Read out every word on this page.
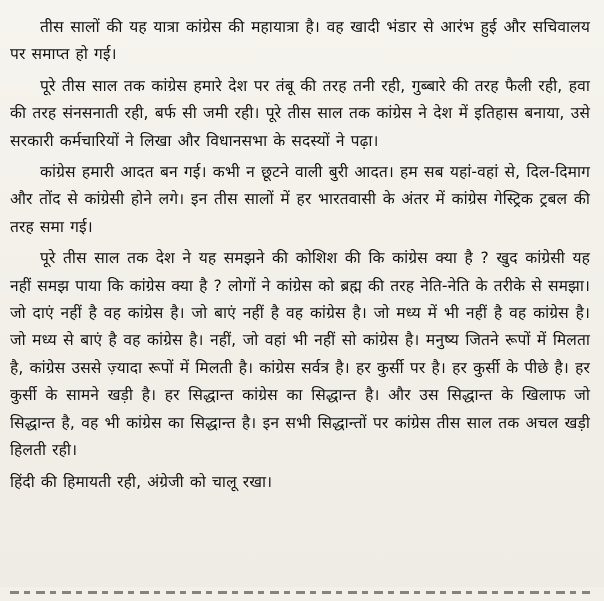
तीस सालों की यह यात्रा कांग्रेस की महायात्रा है। वह खादी भंडार से आरंभ हुई और सचिवालय पर समाप्त हो गई।

पूरे तीस साल तक कांग्रेस हमारे देश पर तंबू की तरह तनी रही, गुब्बारे की तरह फैली रही, हवा की तरह संनसनाती रही, बर्फ सी जमी रही। पूरे तीस साल तक कांग्रेस ने देश में इतिहास बनाया, उसे सरकारी कर्मचारियों ने लिखा और विधानसभा के सदस्यों ने पढ़ा।

कांग्रेस हमारी आदत बन गई। कभी न छूटने वाली बुरी आदत। हम सब यहां-वहां से, दिल-दिमाग और तोंद से कांग्रेसी होने लगे। इन तीस सालों में हर भारतवासी के अंतर में कांग्रेस गेस्ट्रिक ट्रबल की तरह समा गई।

पूरे तीस साल तक देश ने यह समझने की कोशिश की कि कांग्रेस क्या है ? खुद कांग्रेसी यह नहीं समझ पाया कि कांग्रेस क्या है ? लोगों ने कांग्रेस को ब्रह्म की तरह नेति-नेति के तरीके से समझा। जो दाएं नहीं है वह कांग्रेस है। जो बाएं नहीं है वह कांग्रेस है। जो मध्य में भी नहीं है वह कांग्रेस है। जो मध्य से बाएं है वह कांग्रेस है। नहीं, जो वहां भी नहीं सो कांग्रेस है। मनुष्य जितने रूपों में मिलता है, कांग्रेस उससे ज़्यादा रूपों में मिलती है। कांग्रेस सर्वत्र है। हर कुर्सी पर है। हर कुर्सी के पीछे है। हर कुर्सी के सामने खड़ी है। हर सिद्धान्त कांग्रेस का सिद्धान्त है। और उस सिद्धान्त के खिलाफ जो सिद्धान्त है, वह भी कांग्रेस का सिद्धान्त है। इन सभी सिद्धान्तों पर कांग्रेस तीस साल तक अचल खड़ी हिलती रही।

हिंदी की हिमायती रही, अंग्रेजी को चालू रखा।
